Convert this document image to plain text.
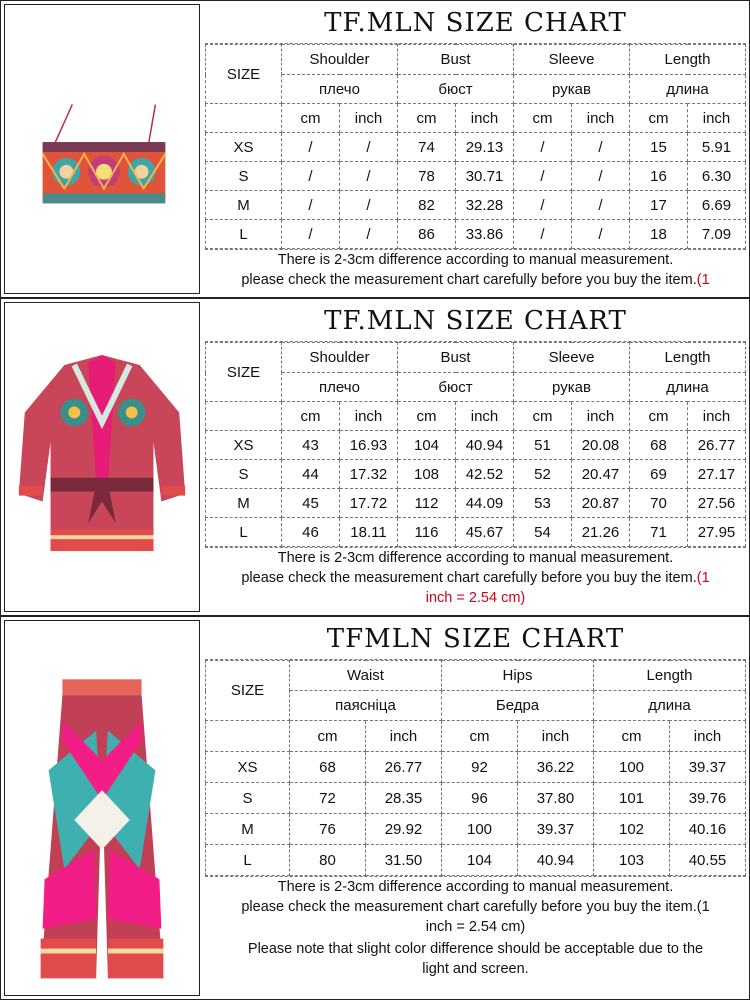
TF.MLN SIZE CHART
SIZE	Shoulder		Bust		Sleeve		Length	
	плечо		бюст		рукав		длина	
	cm	inch	cm	inch	cm	inch	cm	inch
XS	/	/	74	29.13	/	/	15	5.91
S	/	/	78	30.71	/	/	16	6.30
M	/	/	82	32.28	/	/	17	6.69
L	/	/	86	33.86	/	/	18	7.09
There is 2-3cm difference according to manual measurement.
please check the measurement chart carefully before you buy the item.(1
TF.MLN SIZE CHART
SIZE	Shoulder		Bust		Sleeve		Length	
	плечо		бюст		рукав		длина	
	cm	inch	cm	inch	cm	inch	cm	inch
XS	43	16.93	104	40.94	51	20.08	68	26.77
S	44	17.32	108	42.52	52	20.47	69	27.17
M	45	17.72	112	44.09	53	20.87	70	27.56
L	46	18.11	116	45.67	54	21.26	71	27.95
There is 2-3cm difference according to manual measurement.
please check the measurement chart carefully before you buy the item.(1
inch = 2.54 cm)
TFMLN SIZE CHART
SIZE	Waist		Hips		Length	
	паясніца		Бедра		длина	
	cm	inch	cm	inch	cm	inch
XS	68	26.77	92	36.22	100	39.37
S	72	28.35	96	37.80	101	39.76
M	76	29.92	100	39.37	102	40.16
L	80	31.50	104	40.94	103	40.55
There is 2-3cm difference according to manual measurement.
please check the measurement chart carefully before you buy the item.(1
inch = 2.54 cm)
Please note that slight color difference should be acceptable due to the
light and screen.
